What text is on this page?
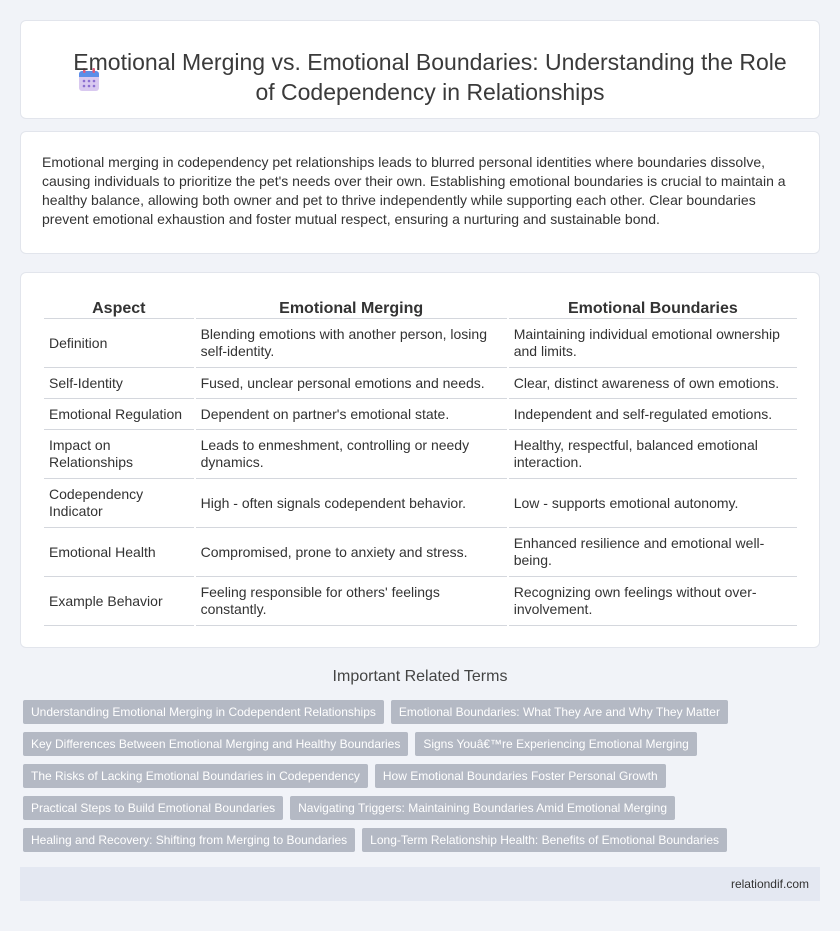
Emotional Merging vs. Emotional Boundaries: Understanding the Role of Codependency in Relationships

Emotional merging in codependency pet relationships leads to blurred personal identities where boundaries dissolve, causing individuals to prioritize the pet's needs over their own. Establishing emotional boundaries is crucial to maintain a healthy balance, allowing both owner and pet to thrive independently while supporting each other. Clear boundaries prevent emotional exhaustion and foster mutual respect, ensuring a nurturing and sustainable bond.

Aspect	Emotional Merging	Emotional Boundaries
Definition	Blending emotions with another person, losing self-identity.	Maintaining individual emotional ownership and limits.
Self-Identity	Fused, unclear personal emotions and needs.	Clear, distinct awareness of own emotions.
Emotional Regulation	Dependent on partner's emotional state.	Independent and self-regulated emotions.
Impact on Relationships	Leads to enmeshment, controlling or needy dynamics.	Healthy, respectful, balanced emotional interaction.
Codependency Indicator	High - often signals codependent behavior.	Low - supports emotional autonomy.
Emotional Health	Compromised, prone to anxiety and stress.	Enhanced resilience and emotional well-being.
Example Behavior	Feeling responsible for others' feelings constantly.	Recognizing own feelings without over-involvement.
Important Related Terms
Understanding Emotional Merging in Codependent Relationships	Emotional Boundaries: What They Are and Why They Matter
Key Differences Between Emotional Merging and Healthy Boundaries	Signs Youâ€™re Experiencing Emotional Merging
The Risks of Lacking Emotional Boundaries in Codependency	How Emotional Boundaries Foster Personal Growth
Practical Steps to Build Emotional Boundaries	Navigating Triggers: Maintaining Boundaries Amid Emotional Merging
Healing and Recovery: Shifting from Merging to Boundaries	Long-Term Relationship Health: Benefits of Emotional Boundaries
relationdif.com
